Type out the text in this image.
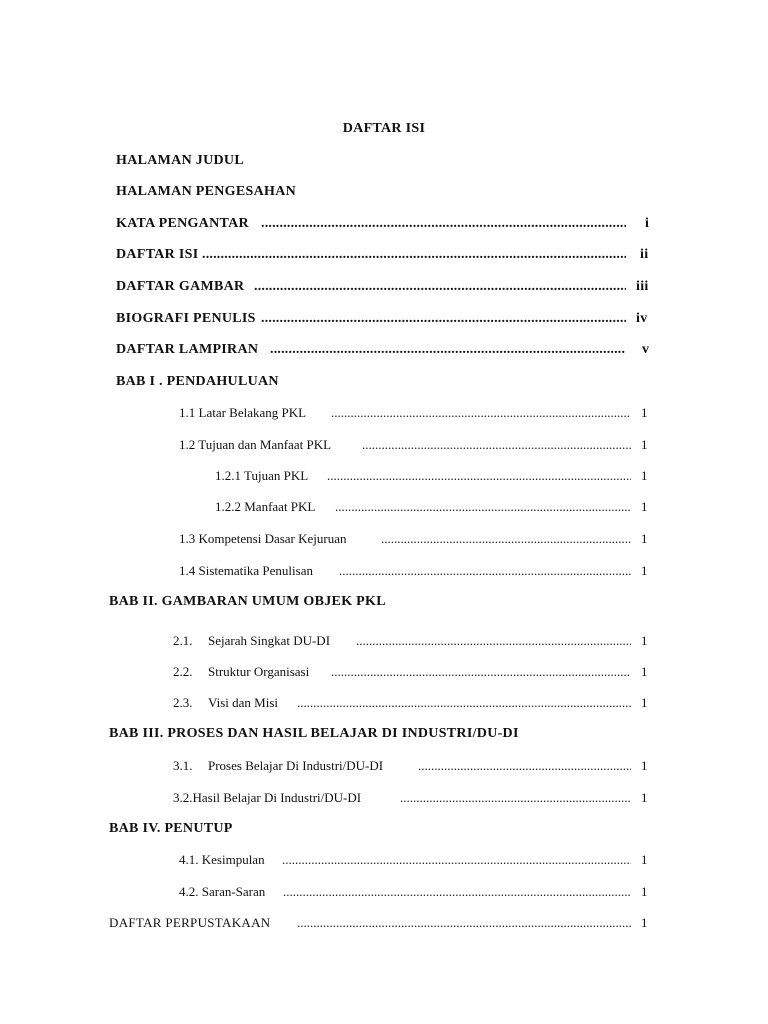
DAFTAR ISI
HALAMAN JUDUL
HALAMAN PENGESAHAN
KATA PENGANTAR .....	i
DAFTAR ISI .....	ii
DAFTAR GAMBAR .....	iii
BIOGRAFI PENULIS .....	iv
DAFTAR LAMPIRAN .....	v
BAB I . PENDAHULUAN
1.1 Latar Belakang PKL .....	1
1.2 Tujuan dan Manfaat PKL .....	1
1.2.1 Tujuan PKL .....	1
1.2.2 Manfaat PKL .....	1
1.3 Kompetensi Dasar Kejuruan .....	1
1.4 Sistematika Penulisan .....	1
BAB II. GAMBARAN UMUM OBJEK PKL
2.1. Sejarah Singkat DU-DI .....	1
2.2. Struktur Organisasi .....	1
2.3. Visi dan Misi .....	1
BAB III. PROSES DAN HASIL BELAJAR DI INDUSTRI/DU-DI
3.1. Proses Belajar Di Industri/DU-DI .....	1
3.2.Hasil Belajar Di Industri/DU-DI .....	1
BAB IV. PENUTUP
4.1. Kesimpulan .....	1
4.2. Saran-Saran .....	1
DAFTAR PERPUSTAKAAN .....	1
